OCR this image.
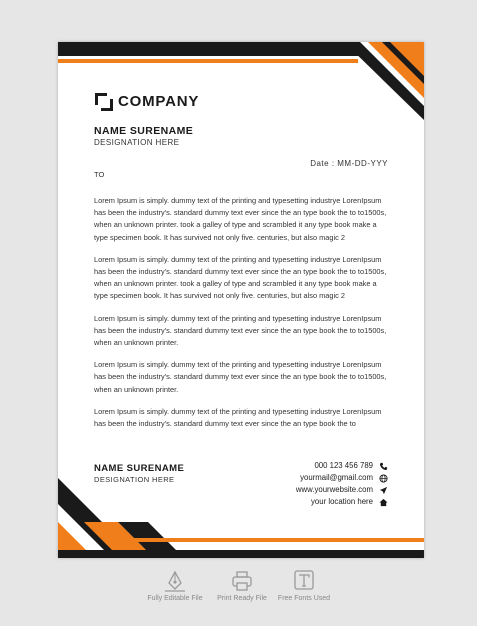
COMPANY
NAME SURENAME
DESIGNATION HERE
Date : MM-DD-YYY
TO

Lorem Ipsum is simply. dummy text of the printing and typesetting industrye LorenIpsum has been the industry's. standard dummy text ever since the an type book the to to1500s, when an unknown printer. took a galley of type and scrambled it any type book make a type specimen book. It has survived not only five. centuries, but also magic 2

Lorem Ipsum is simply. dummy text of the printing and typesetting industrye LorenIpsum has been the industry's. standard dummy text ever since the an type book the to to1500s, when an unknown printer. took a galley of type and scrambled it any type book make a type specimen book. It has survived not only five. centuries, but also magic 2

Lorem Ipsum is simply. dummy text of the printing and typesetting industrye LorenIpsum has been the industry's. standard dummy text ever since the an type book the to to1500s, when an unknown printer.

Lorem Ipsum is simply. dummy text of the printing and typesetting industrye LorenIpsum has been the industry's. standard dummy text ever since the an type book the to to1500s, when an unknown printer.

Lorem Ipsum is simply. dummy text of the printing and typesetting industrye LorenIpsum has been the industry's. standard dummy text ever since the an type book the to

NAME SURENAME
DESIGNATION HERE
000 123 456 789
yourmail@gmail.com
www.yourwebsite.com
your location here
Fully Editable File	Print Ready File	Free Fonts Used
